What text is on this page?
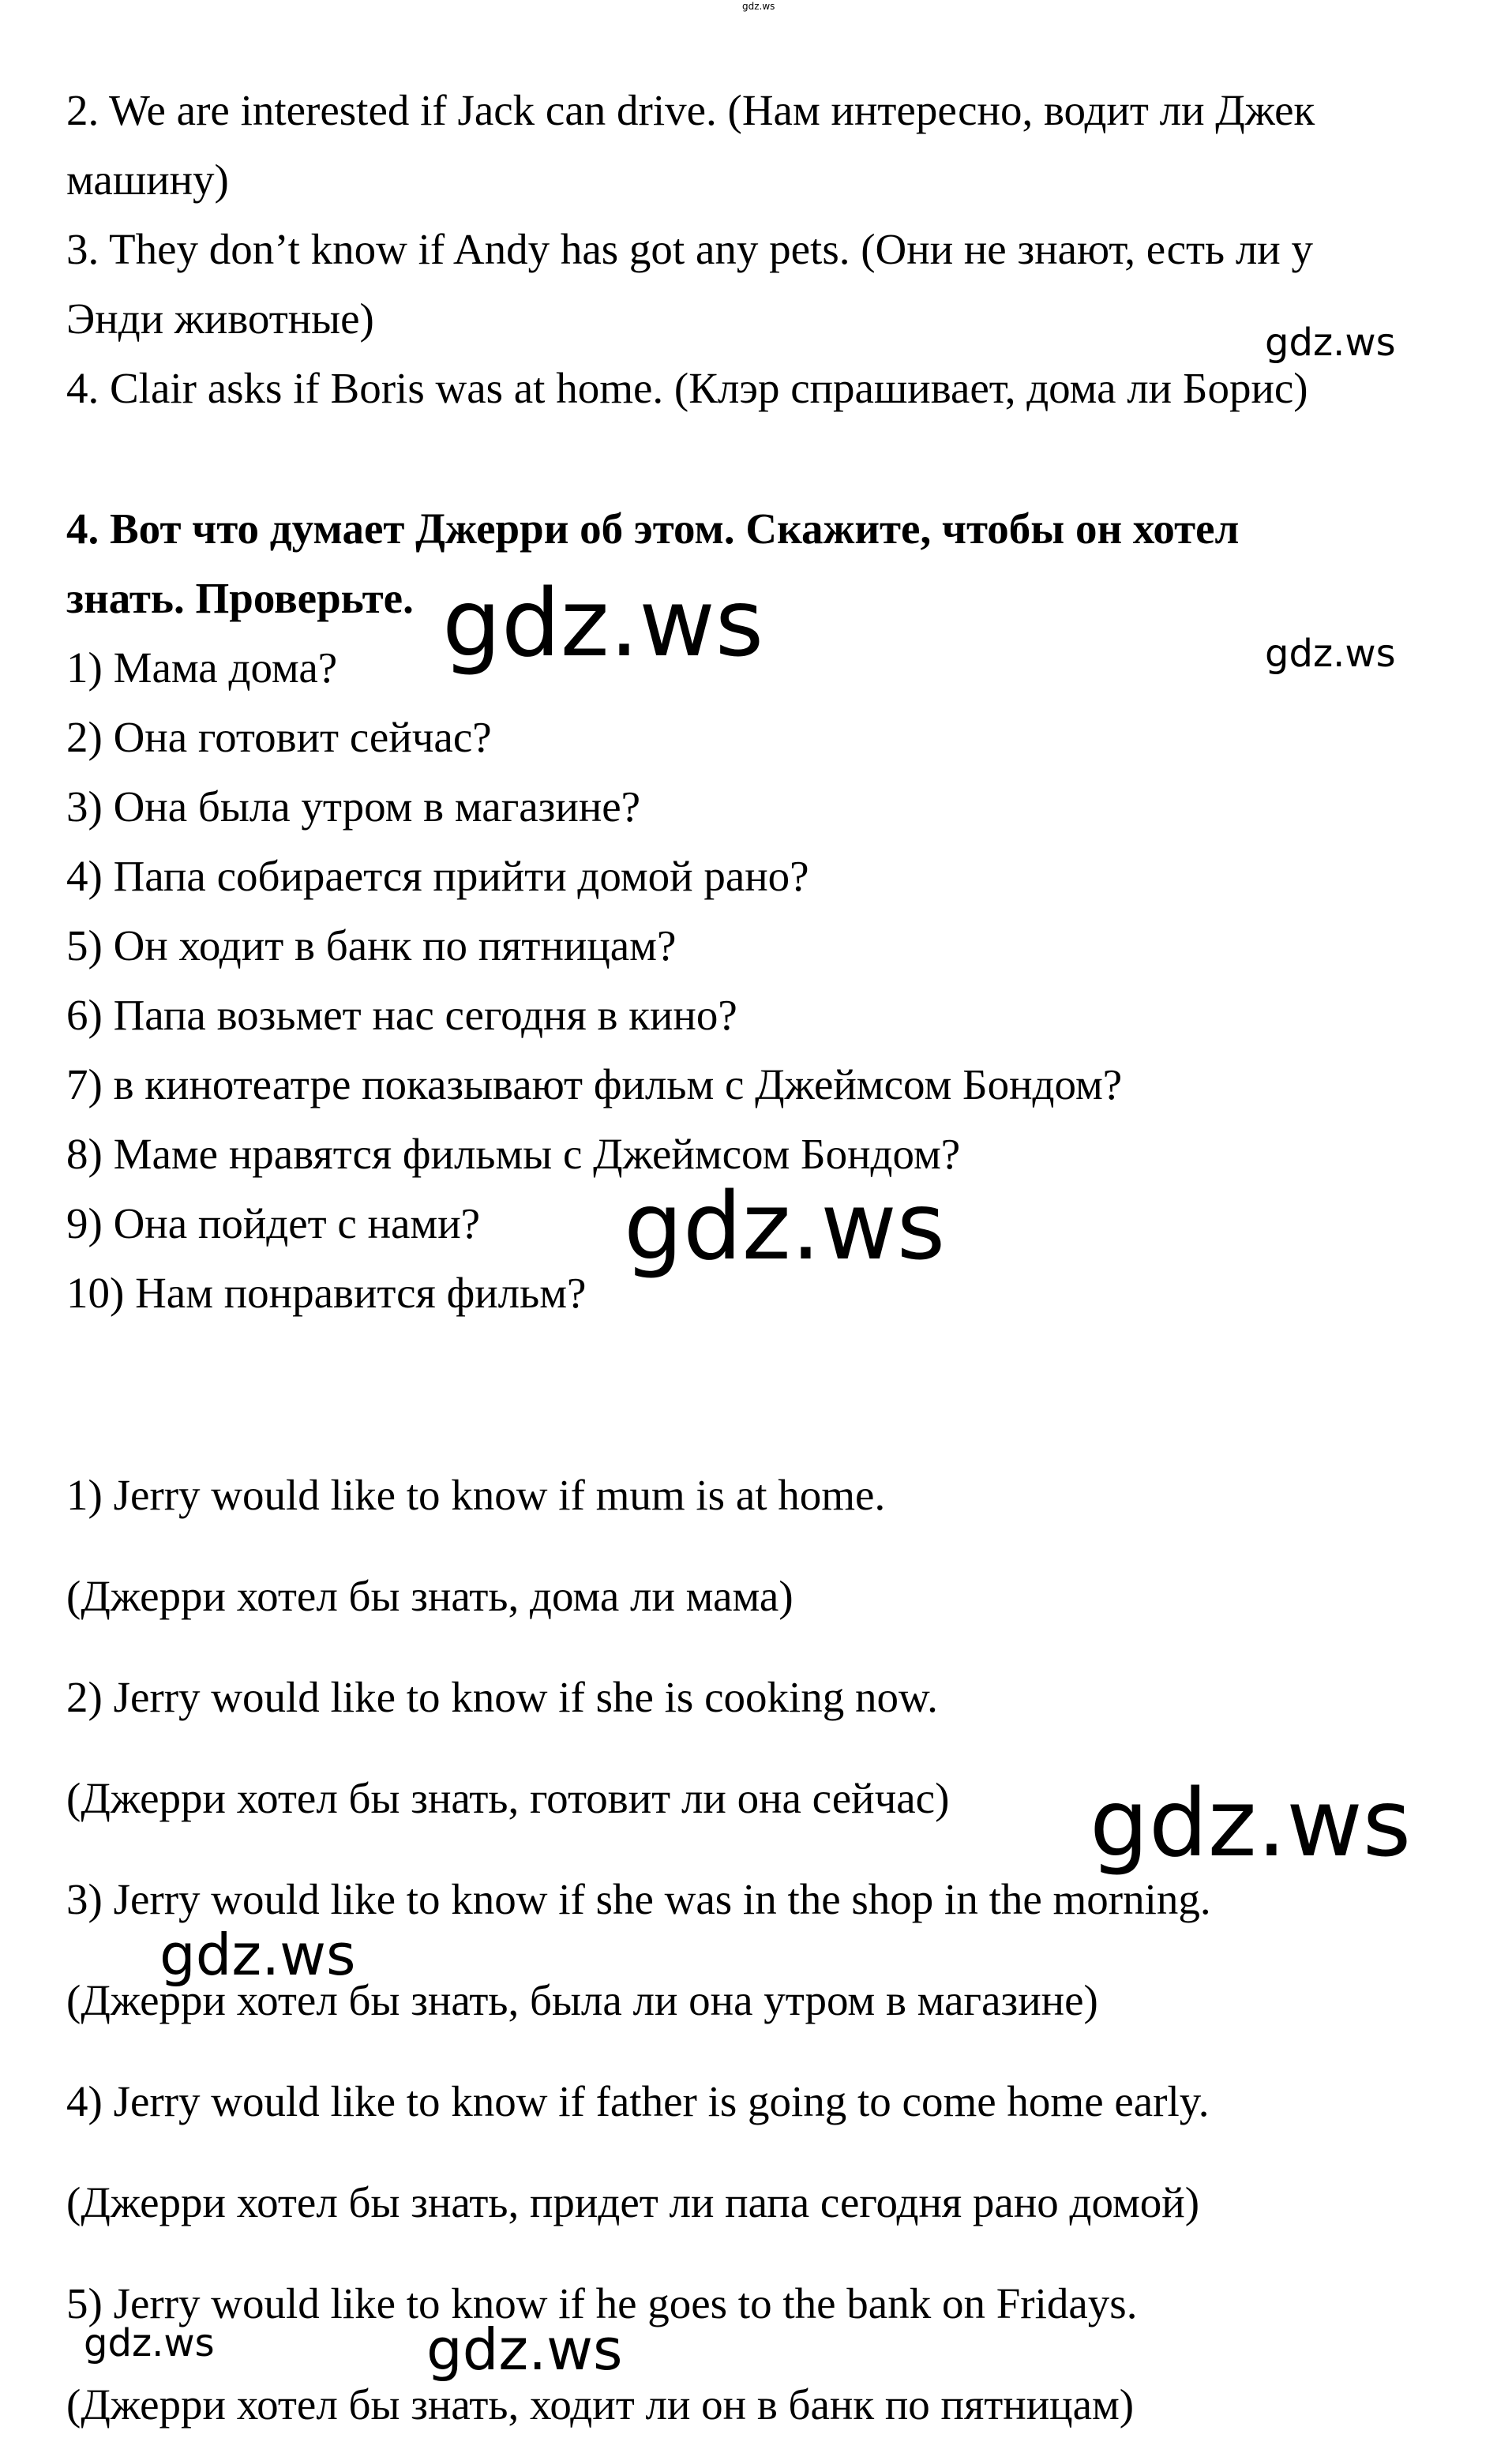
2. We are interested if Jack can drive. (Нам интересно, водит ли Джек

машину)

3. They don’t know if Andy has got any pets. (Они не знают, есть ли у

Энди животные)

4. Clair asks if Boris was at home. (Клэр спрашивает, дома ли Борис)

4. Вот что думает Джерри об этом. Скажите, чтобы он хотел

знать. Проверьте.

1) Мама дома?

2) Она готовит сейчас?

3) Она была утром в магазине?

4) Папа собирается прийти домой рано?

5) Он ходит в банк по пятницам?

6) Папа возьмет нас сегодня в кино?

7) в кинотеатре показывают фильм с Джеймсом Бондом?

8) Маме нравятся фильмы с Джеймсом Бондом?

9) Она пойдет с нами?

10) Нам понравится фильм?

1) Jerry would like to know if mum is at home.

(Джерри хотел бы знать, дома ли мама)

2) Jerry would like to know if she is cooking now.

(Джерри хотел бы знать, готовит ли она сейчас)

3) Jerry would like to know if she was in the shop in the morning.

(Джерри хотел бы знать, была ли она утром в магазине)

4) Jerry would like to know if father is going to come home early.

(Джерри хотел бы знать, придет ли папа сегодня рано домой)

5) Jerry would like to know if he goes to the bank on Fridays.

(Джерри хотел бы знать, ходит ли он в банк по пятницам)

gdz.ws
gdz.ws
gdz.ws	gdz.ws
gdz.ws
gdz.ws
gdz.ws
gdz.ws
gdz.ws
